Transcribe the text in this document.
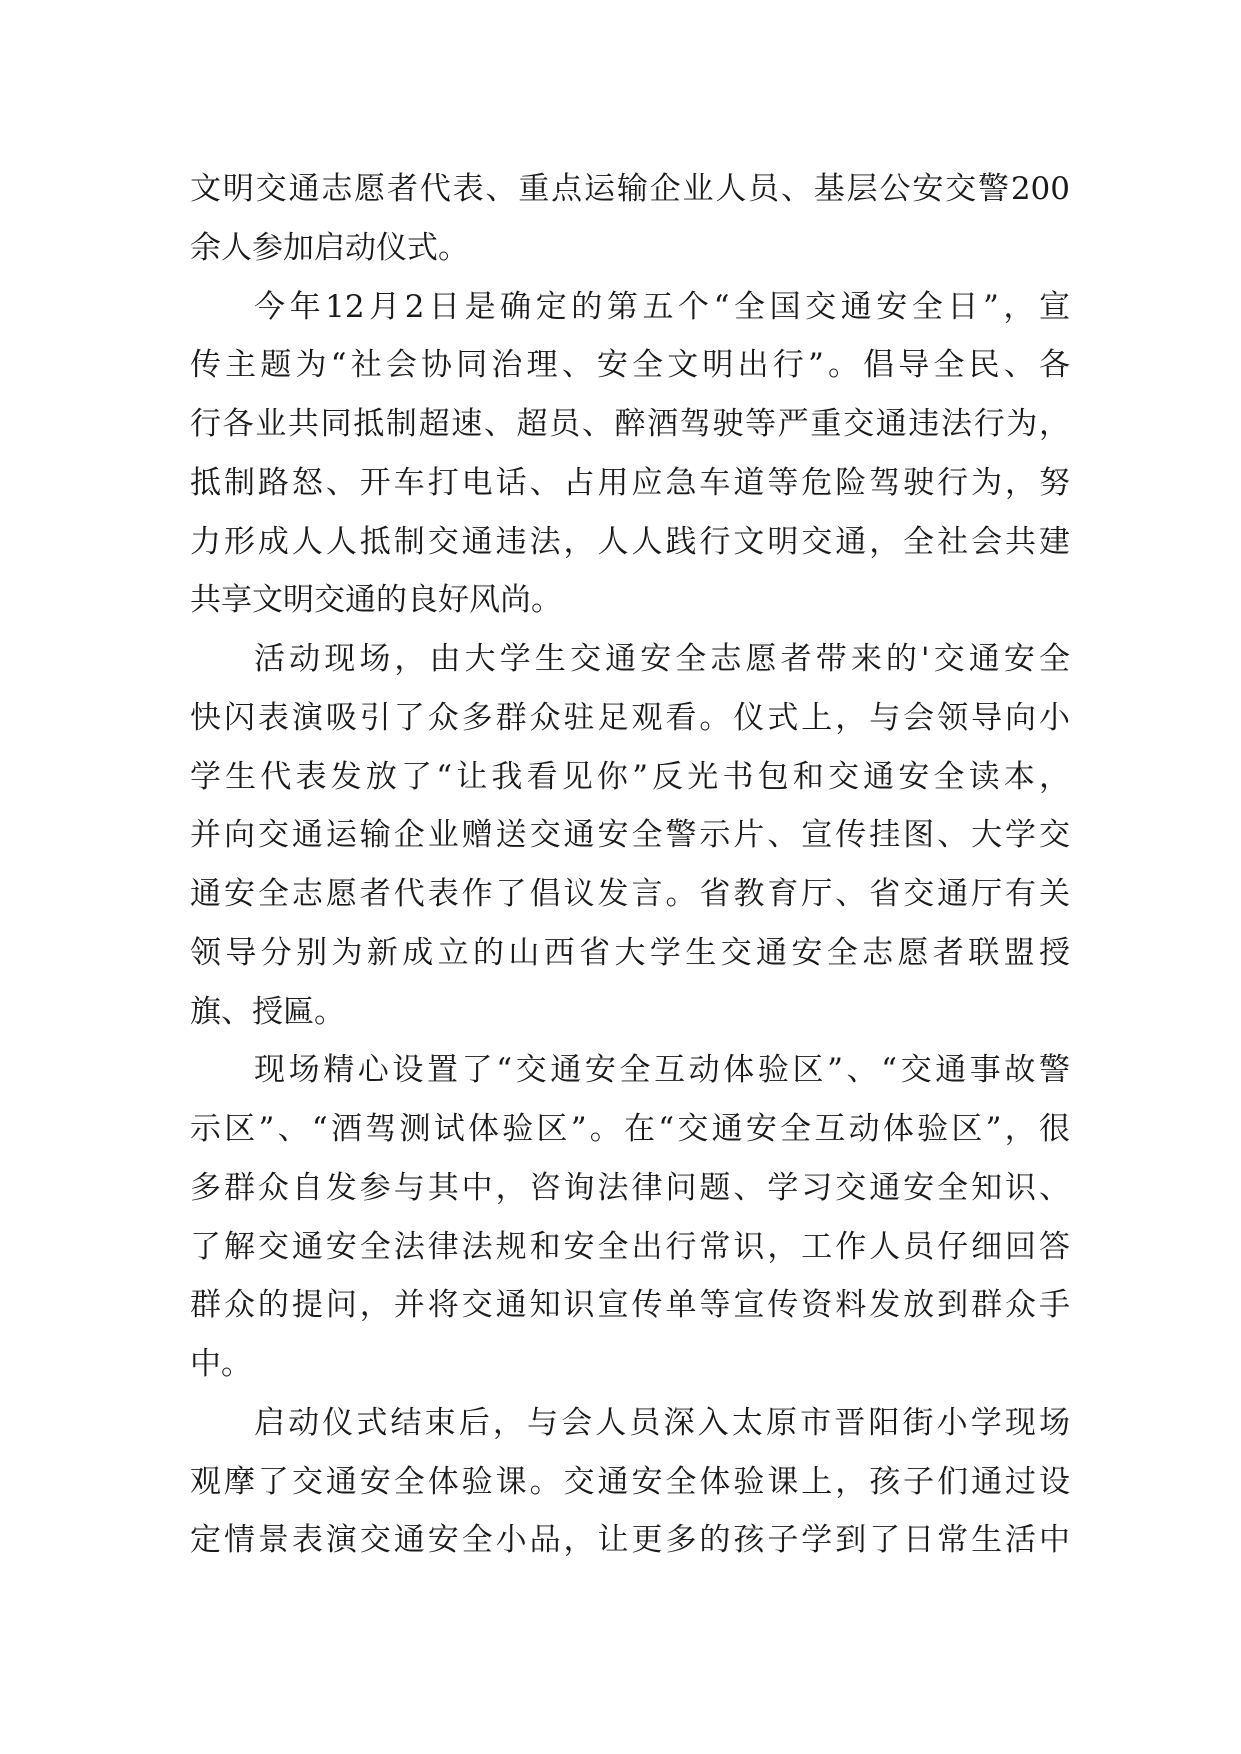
文明交通志愿者代表、重点运输企业人员、基层公安交警200
余人参加启动仪式。
今年12月2日是确定的第五个“全国交通安全日”，宣
传主题为“社会协同治理、安全文明出行”。倡导全民、各
行各业共同抵制超速、超员、醉酒驾驶等严重交通违法行为，
抵制路怒、开车打电话、占用应急车道等危险驾驶行为，努
力形成人人抵制交通违法，人人践行文明交通，全社会共建
共享文明交通的良好风尚。
活动现场，由大学生交通安全志愿者带来的'交通安全
快闪表演吸引了众多群众驻足观看。仪式上，与会领导向小
学生代表发放了“让我看见你”反光书包和交通安全读本，
并向交通运输企业赠送交通安全警示片、宣传挂图、大学交
通安全志愿者代表作了倡议发言。省教育厅、省交通厅有关
领导分别为新成立的山西省大学生交通安全志愿者联盟授
旗、授匾。
现场精心设置了“交通安全互动体验区”、“交通事故警
示区”、“酒驾测试体验区”。在“交通安全互动体验区”，很
多群众自发参与其中，咨询法律问题、学习交通安全知识、
了解交通安全法律法规和安全出行常识，工作人员仔细回答
群众的提问，并将交通知识宣传单等宣传资料发放到群众手
中。
启动仪式结束后，与会人员深入太原市晋阳街小学现场
观摩了交通安全体验课。交通安全体验课上，孩子们通过设
定情景表演交通安全小品，让更多的孩子学到了日常生活中
